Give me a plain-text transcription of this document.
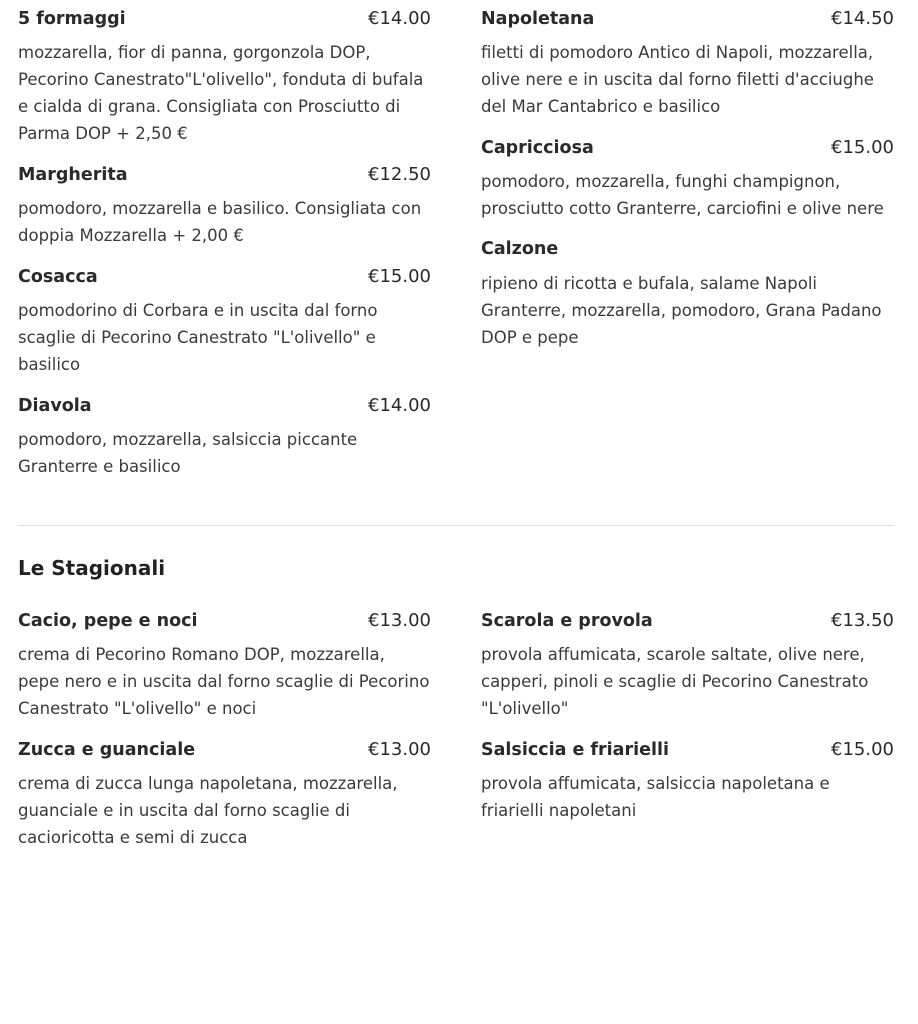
5 formaggi	€14.00

mozzarella, fior di panna, gorgonzola DOP, Pecorino Canestrato"L'olivello", fonduta di bufala e cialda di grana. Consigliata con Prosciutto di Parma DOP + 2,50 €

Margherita	€12.50

pomodoro, mozzarella e basilico. Consigliata con doppia Mozzarella + 2,00 €

Cosacca	€15.00

pomodorino di Corbara e in uscita dal forno scaglie di Pecorino Canestrato "L'olivello" e basilico

Diavola	€14.00

pomodoro, mozzarella, salsiccia piccante Granterre e basilico

Napoletana	€14.50

filetti di pomodoro Antico di Napoli, mozzarella, olive nere e in uscita dal forno filetti d'acciughe del Mar Cantabrico e basilico

Capricciosa	€15.00

pomodoro, mozzarella, funghi champignon, prosciutto cotto Granterre, carciofini e olive nere

Calzone

ripieno di ricotta e bufala, salame Napoli Granterre, mozzarella, pomodoro, Grana Padano DOP e pepe

Le Stagionali
Cacio, pepe e noci	€13.00

crema di Pecorino Romano DOP, mozzarella, pepe nero e in uscita dal forno scaglie di Pecorino Canestrato "L'olivello" e noci

Zucca e guanciale	€13.00

crema di zucca lunga napoletana, mozzarella, guanciale e in uscita dal forno scaglie di cacioricotta e semi di zucca

Scarola e provola	€13.50

provola affumicata, scarole saltate, olive nere, capperi, pinoli e scaglie di Pecorino Canestrato "L'olivello"

Salsiccia e friarielli	€15.00

provola affumicata, salsiccia napoletana e friarielli napoletani
